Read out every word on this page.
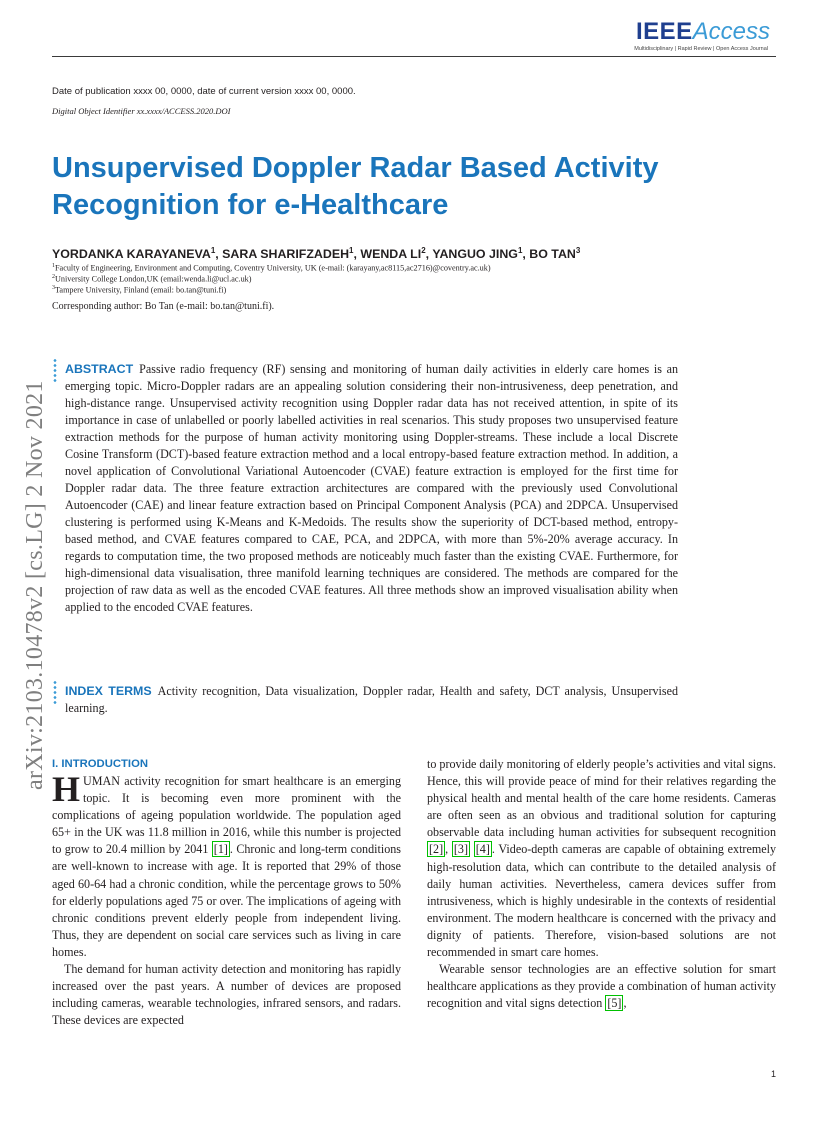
IEEEAccess
Multidisciplinary | Rapid Review | Open Access Journal
Date of publication xxxx 00, 0000, date of current version xxxx 00, 0000.
Digital Object Identifier xx.xxxx/ACCESS.2020.DOI
Unsupervised Doppler Radar Based Activity Recognition for e-Healthcare
YORDANKA KARAYANEVA$^1$, SARA SHARIFZADEH$^1$, WENDA $LI^2$, YANGUO JING$^1$, BO TAN$^3$
$^1$Faculty of Engineering, Environment and Computing, Coventry University, UK (e-mail: (karayany,ac8115,ac2716)@coventry.ac.uk)
$^2$University College London,UK (email:wenda.li@ucl.ac.uk)
$^3$Tampere University, Finland (email: bo.tan@tuni.fi)
Corresponding author: Bo Tan (e-mail: bo.tan@tuni.fi).
arXiv:2103.10478v2 [cs.LG] 2 Nov 2021

ABSTRACT Passive radio frequency (RF) sensing and monitoring of human daily activities in elderly care homes is an emerging topic. Micro-Doppler radars are an appealing solution considering their non-intrusiveness, deep penetration, and high-distance range. Unsupervised activity recognition using Doppler radar data has not received attention, in spite of its importance in case of unlabelled or poorly labelled activities in real scenarios. This study proposes two unsupervised feature extraction methods for the purpose of human activity monitoring using Doppler-streams. These include a local Discrete Cosine Transform (DCT)-based feature extraction method and a local entropy-based feature extraction method. In addition, a novel application of Convolutional Variational Autoencoder (CVAE) feature extraction is employed for the first time for Doppler radar data. The three feature extraction architectures are compared with the previously used Convolutional Autoencoder (CAE) and linear feature extraction based on Principal Component Analysis (PCA) and 2DPCA. Unsupervised clustering is performed using K-Means and K-Medoids. The results show the superiority of DCT-based method, entropy-based method, and CVAE features compared to CAE, PCA, and 2DPCA, with more than 5%-20% average accuracy. In regards to computation time, the two proposed methods are noticeably much faster than the existing CVAE. Furthermore, for high-dimensional data visualisation, three manifold learning techniques are considered. The methods are compared for the projection of raw data as well as the encoded CVAE features. All three methods show an improved visualisation ability when applied to the encoded CVAE features.

INDEX TERMS Activity recognition, Data visualization, Doppler radar, Health and safety, DCT analysis, Unsupervised learning.

I. INTRODUCTION

HUMAN activity recognition for smart healthcare is an emerging topic. It is becoming even more prominent with the complications of ageing population worldwide. The population aged 65+ in the UK was 11.8 million in 2016, while this number is projected to grow to 20.4 million by 2041 [1] . Chronic and long-term conditions are well-known to increase with age. It is reported that 29% of those aged 60-64 had a chronic condition, while the percentage grows to 50% for elderly populations aged 75 or over. The implications of ageing with chronic conditions prevent elderly people from independent living. Thus, they are dependent on social care services such as living in care homes.

The demand for human activity detection and monitoring has rapidly increased over the past years. A number of devices are proposed including cameras, wearable technologies, infrared sensors, and radars. These devices are expected

to provide daily monitoring of elderly people’s activities and vital signs. Hence, this will provide peace of mind for their relatives regarding the physical health and mental health of the care home residents. Cameras are often seen as an obvious and traditional solution for capturing observable data including human activities for subsequent recognition [2] , [3] [4] . Video-depth cameras are capable of obtaining extremely high-resolution data, which can contribute to the detailed analysis of daily human activities. Nevertheless, camera devices suffer from intrusiveness, which is highly undesirable in the contexts of residential environment. The modern healthcare is concerned with the privacy and dignity of patients. Therefore, vision-based solutions are not recommended in smart care homes.

Wearable sensor technologies are an effective solution for smart healthcare applications as they provide a combination of human activity recognition and vital signs detection [5] ,

1
